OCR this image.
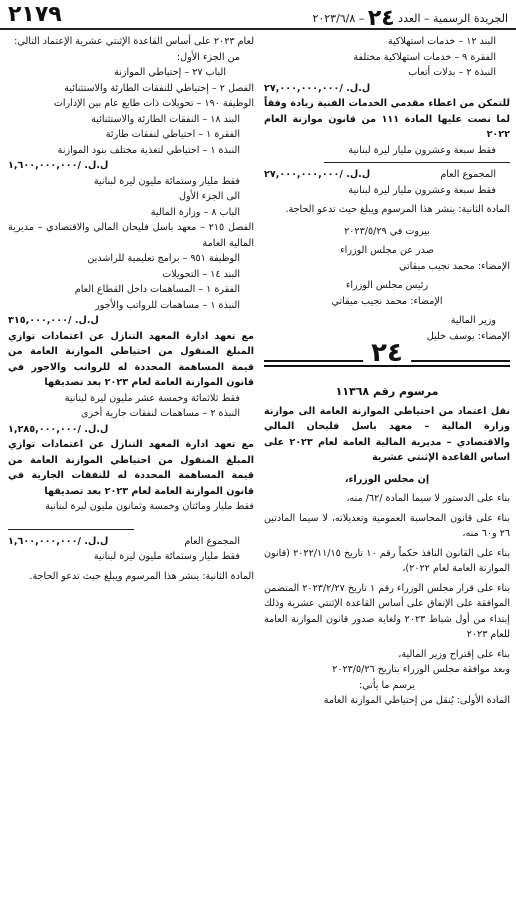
٢١٧٩	الجريدة الرسمية – العدد ٢٤ – ٢٠٢٣/٦/٨

البند ١٢ – خدمات استهلاكية

الفقرة ٩ – خدمات استهلاكية مختلفة

النبذة ٢ – بدلات أتعاب

ل.ل. /٢٧,٠٠٠,٠٠٠,٠٠٠

للتمكن من اعطاء مقدمي الخدمات الفنية زيادة وفقاً لما نصت عليها المادة ١١١ من قانون موازنة العام ٢٠٢٢

فقط سبعة وعشرون مليار ليرة لبنانية

المجموع العام
ل.ل. /٢٧,٠٠٠,٠٠٠,٠٠٠

فقط سبعة وعشرون مليار ليرة لبنانية

المادة الثانية: ينشر هذا المرسوم ويبلغ حيث تدعو الحاجة.

بيروت في ٢٠٢٣/٥/٢٩

صدر عن مجلس الوزراء

الإمضاء: محمد نجيب ميقاتي

رئيس مجلس الوزراء

الإمضاء: محمد نجيب ميقاتي

وزير المالية

الإمضاء: يوسف خليل

٢٤

مرسوم رقم ١١٣٦٨

نقل اعتماد من احتياطي الموازنة العامة الى موازنة وزارة المالية – معهد باسل فليحان المالي والاقتصادي – مديرية المالية العامة لعام ٢٠٢٣ على اساس القاعدة الإثنتي عشرية

إن مجلس الوزراء،

بناء على الدستور لا سيما المادة /٦٢/ منه،

بناء على قانون المحاسبة العمومية وتعديلاته، لا سيما المادتين ٢٦ و٦٠ منه،

بناء على القانون النافذ حكماً رقم ١٠ تاريخ ٢٠٢٢/١١/١٥ (قانون الموازنة العامة لعام ٢٠٢٢)،

بناء على قرار مجلس الوزراء رقم ١ تاريخ ٢٠٢٣/٢/٢٧ المتضمن الموافقة على الإنفاق على أساس القاعدة الإثنتي عشرية وذلك إبتداء من أول شباط ٢٠٢٣ ولغاية صدور قانون الموازنة العامة للعام ٢٠٢٣

بناء على إقتراح وزير المالية،

وبعد موافقة مجلس الوزراء بتاريخ ٢٠٢٣/٥/٢٦

يرسم ما يأتي:

المادة الأولى: يُنقل من إحتياطي الموازنة العامة

لعام ٢٠٢٣ على أساس القاعدة الإثنتي عشرية الإعتماد التالي:

من الجزء الأول:

الباب ٢٧ – إحتياطي الموازنة

الفصل ٢ – إحتياطي للنفقات الطارئة والاستثنائية

الوظيفة ١٩٠ – تحويلات ذات طابع عام بين الإدارات

البند ١٨ – النفقات الطارئة والاستثنائية

الفقرة ١ – احتياطي لنفقات طارئة

النبذة ١ – احتياطي لتغذية مختلف بنود الموازنة

ل.ل. /١,٦٠٠,٠٠٠,٠٠٠

فقط مليار وستمائة مليون ليرة لبنانية

الى الجزء الأول

الباب ٨ – وزارة المالية

الفصل ٢١٥ – معهد باسل فليحان المالي والاقتصادي – مديرية المالية العامة

الوظيفة ٩٥١ – برامج تعليمية للراشدين

البند ١٤ – التحويلات

الفقرة ١ – المساهمات داخل القطاع العام

النبذة ١ – مساهمات للرواتب والأجور

ل.ل. /٣١٥,٠٠٠,٠٠٠

مع تعهد ادارة المعهد التنازل عن اعتمادات توازي المبلغ المنقول من احتياطي الموازنة العامة من قيمة المساهمة المحددة له للرواتب والاجور في قانون الموازنة العامة لعام ٢٠٢٣ بعد تصديقها

فقط ثلاثمائة وخمسة عشر مليون ليرة لبنانية

النبذة ٢ – مساهمات لنفقات جارية أخرى

ل.ل. /١,٢٨٥,٠٠٠,٠٠٠

مع تعهد ادارة المعهد التنازل عن اعتمادات توازي المبلغ المنقول من احتياطي الموازنة العامة من قيمة المساهمة المحددة له للنفقات الجارية في قانون الموازنة العامة لعام ٢٠٢٣ بعد تصديقها

فقط مليار ومائتان وخمسة وثمانون مليون ليرة لبنانية

المجموع العام
ل.ل. /١,٦٠٠,٠٠٠,٠٠٠

فقط مليار وستمائة مليون ليرة لبنانية

المادة الثانية: ينشر هذا المرسوم ويبلغ حيث تدعو الحاجة.
